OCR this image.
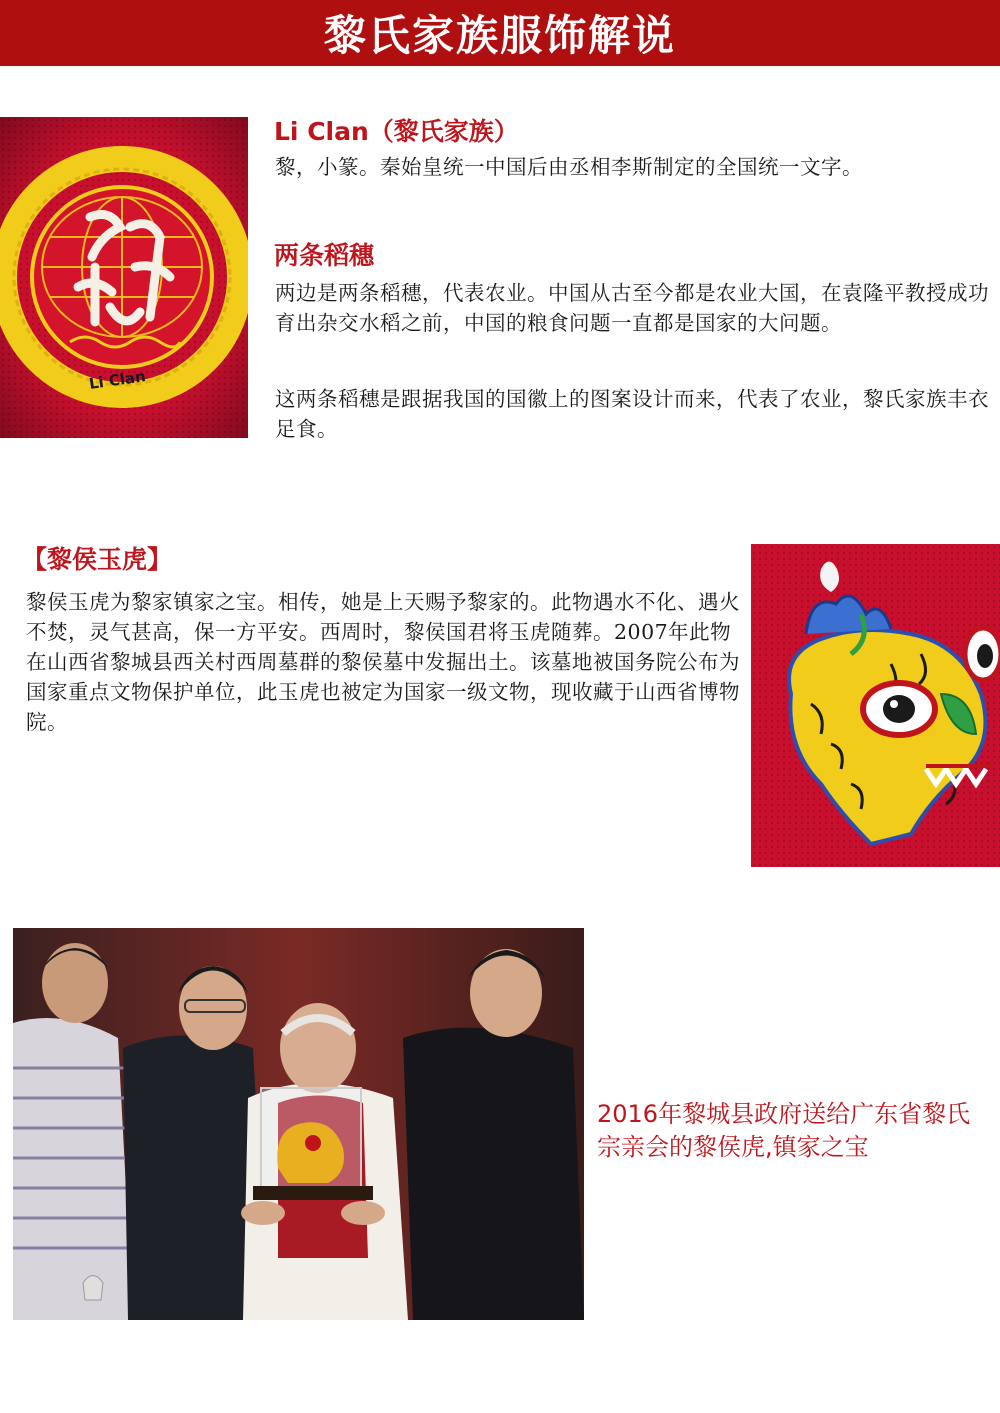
黎氏家族服饰解说
Li Clan
Li Clan（黎氏家族）

黎，小篆。秦始皇统一中国后由丞相李斯制定的全国统一文字。

两条稻穗

两边是两条稻穗，代表农业。中国从古至今都是农业大国，在袁隆平教授成功育出杂交水稻之前，中国的粮食问题一直都是国家的大问题。

这两条稻穗是跟据我国的国徽上的图案设计而来，代表了农业，黎氏家族丰衣足食。

【黎侯玉虎】

黎侯玉虎为黎家镇家之宝。相传，她是上天赐予黎家的。此物遇水不化、遇火不焚，灵气甚高，保一方平安。西周时，黎侯国君将玉虎随葬。2007年此物在山西省黎城县西关村西周墓群的黎侯墓中发掘出土。该墓地被国务院公布为国家重点文物保护单位，此玉虎也被定为国家一级文物，现收藏于山西省博物院。

2016年黎城县政府送给广东省黎氏宗亲会的黎侯虎,镇家之宝
